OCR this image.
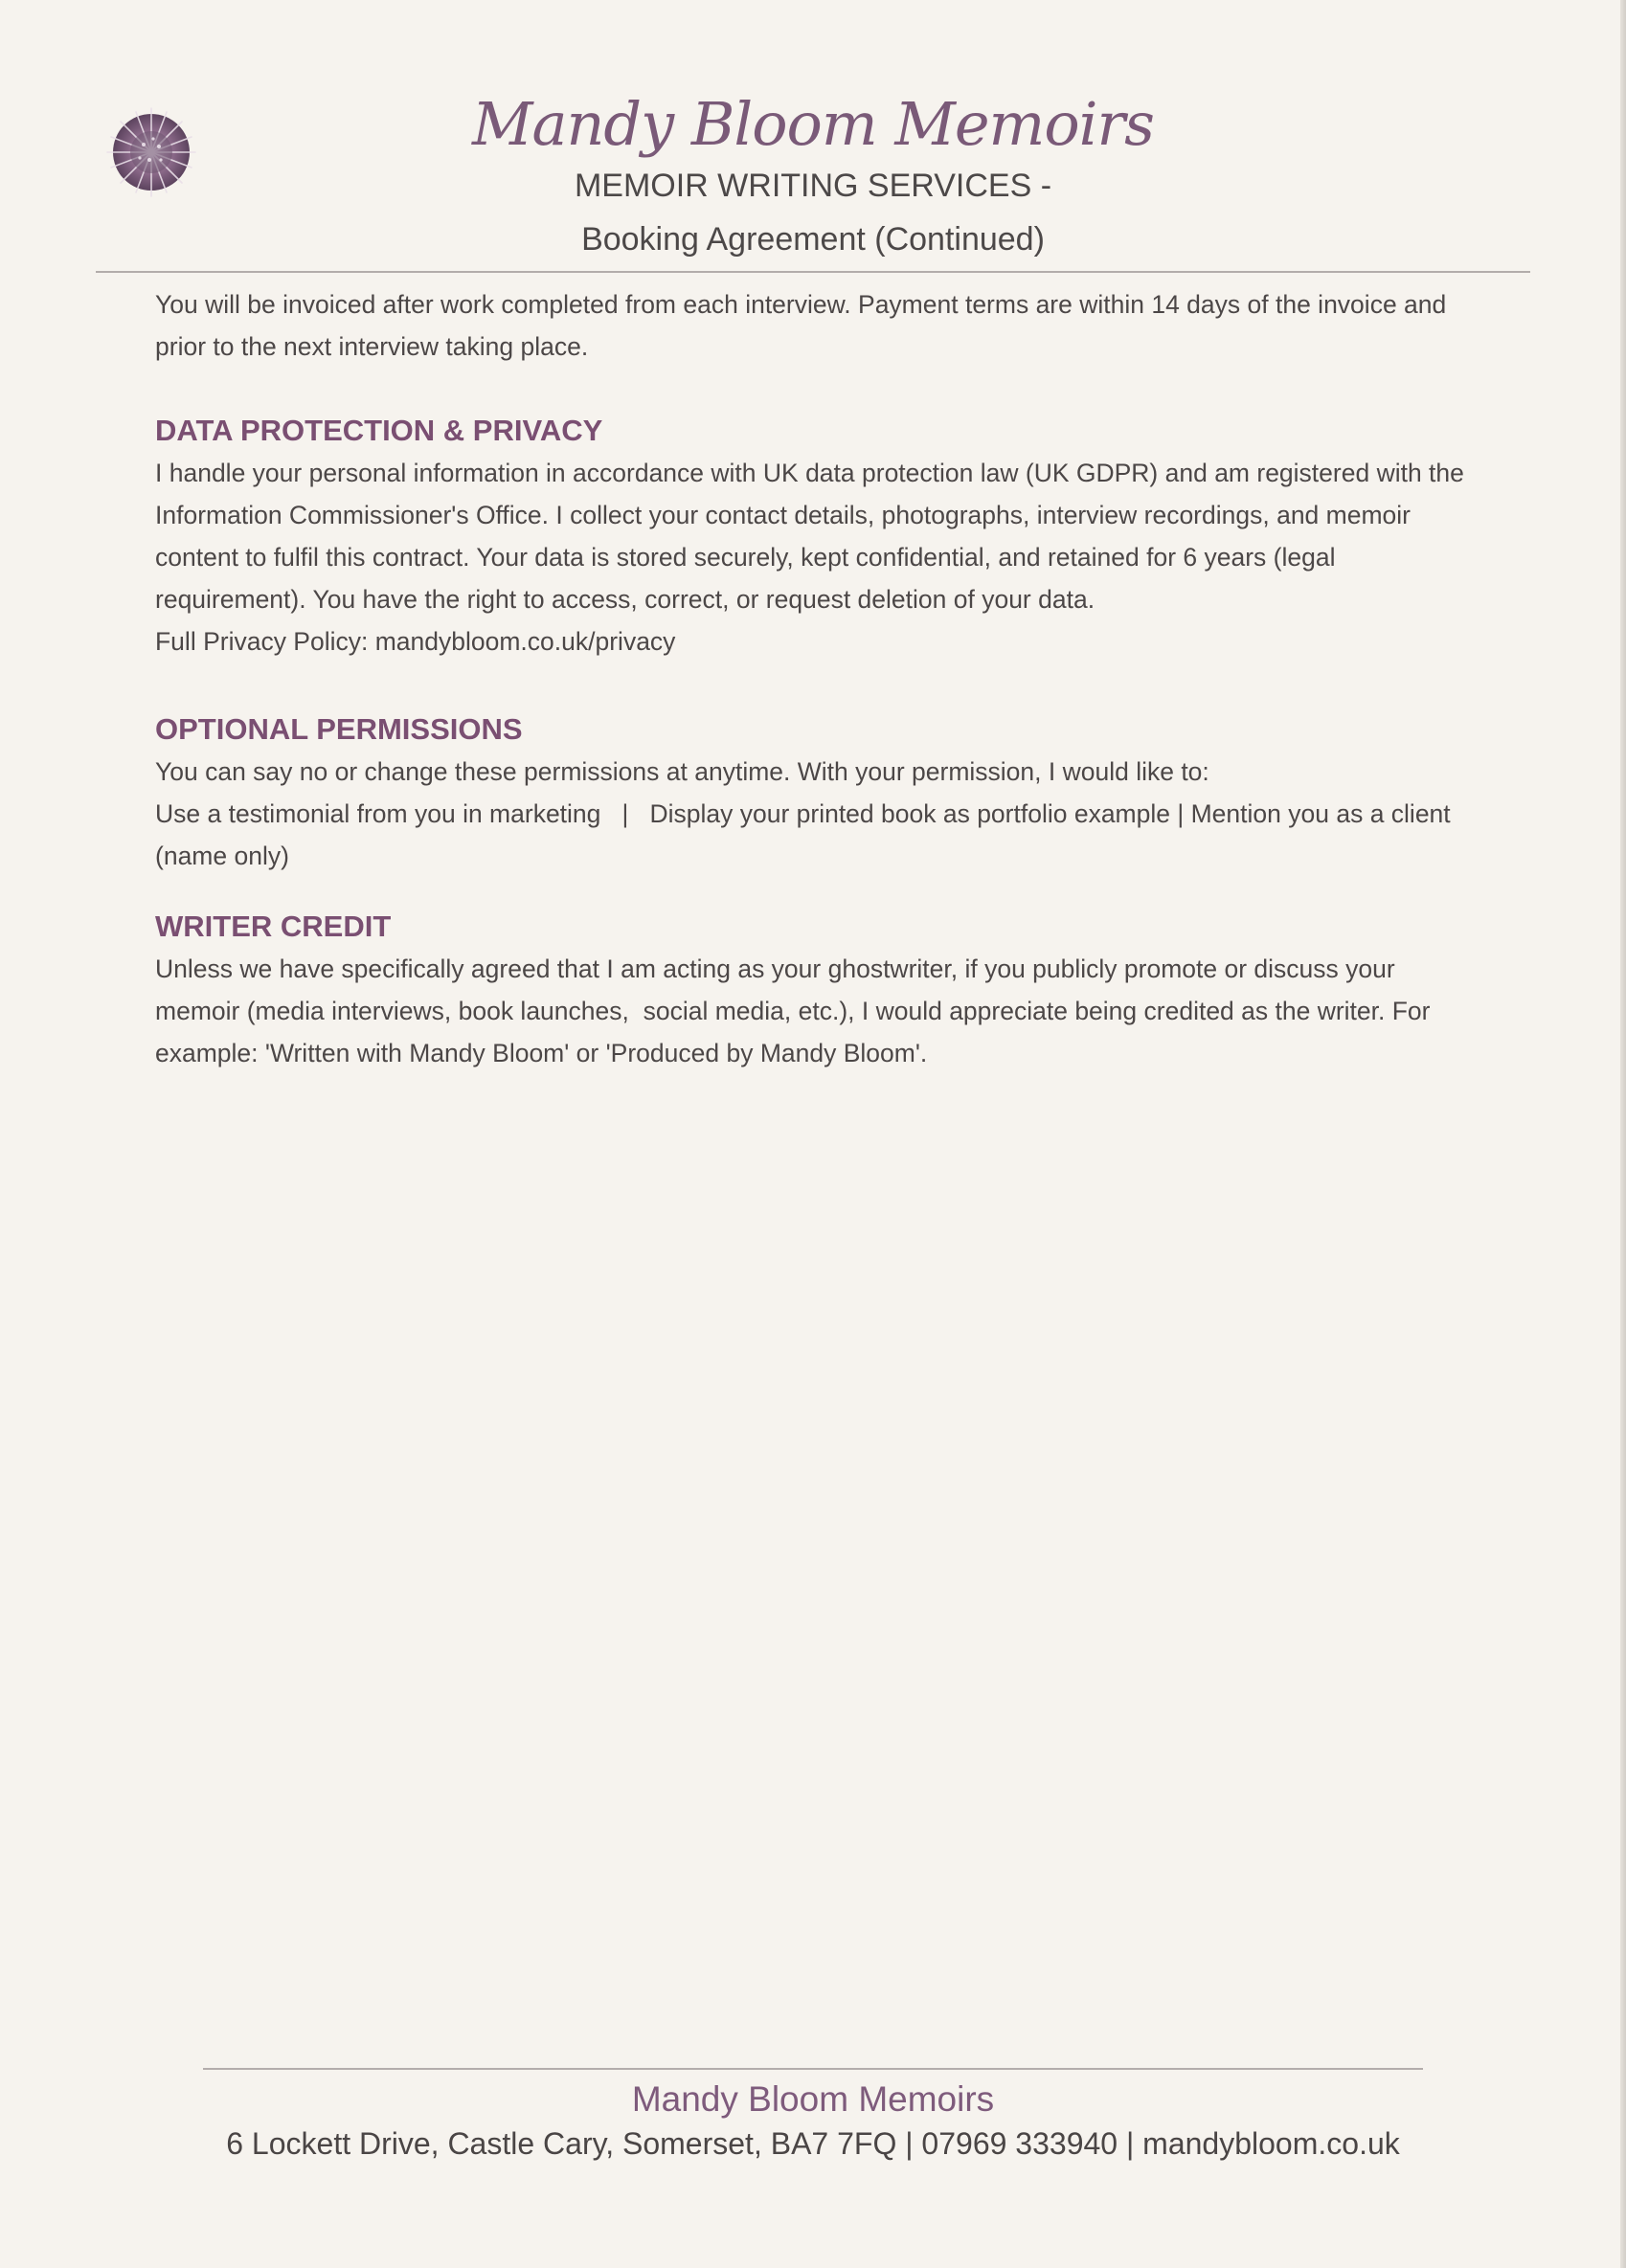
Mandy Bloom Memoirs
MEMOIR WRITING SERVICES -
Booking Agreement (Continued)

You will be invoiced after work completed from each interview. Payment terms are within 14 days of the invoice and prior to the next interview taking place.

DATA PROTECTION & PRIVACY

I handle your personal information in accordance with UK data protection law (UK GDPR) and am registered with the Information Commissioner's Office. I collect your contact details, photographs, interview recordings, and memoir content to fulfil this contract. Your data is stored securely, kept confidential, and retained for 6 years (legal requirement). You have the right to access, correct, or request deletion of your data.

Full Privacy Policy: mandybloom.co.uk/privacy

OPTIONAL PERMISSIONS

You can say no or change these permissions at anytime. With your permission, I would like to:

Use a testimonial from you in marketing   |   Display your printed book as portfolio example | Mention you as a client (name only)

WRITER CREDIT

Unless we have specifically agreed that I am acting as your ghostwriter, if you publicly promote or discuss your memoir (media interviews, book launches,  social media, etc.), I would appreciate being credited as the writer. For example: 'Written with Mandy Bloom' or 'Produced by Mandy Bloom'.

Mandy Bloom Memoirs
6 Lockett Drive, Castle Cary, Somerset, BA7 7FQ | 07969 333940 | mandybloom.co.uk
